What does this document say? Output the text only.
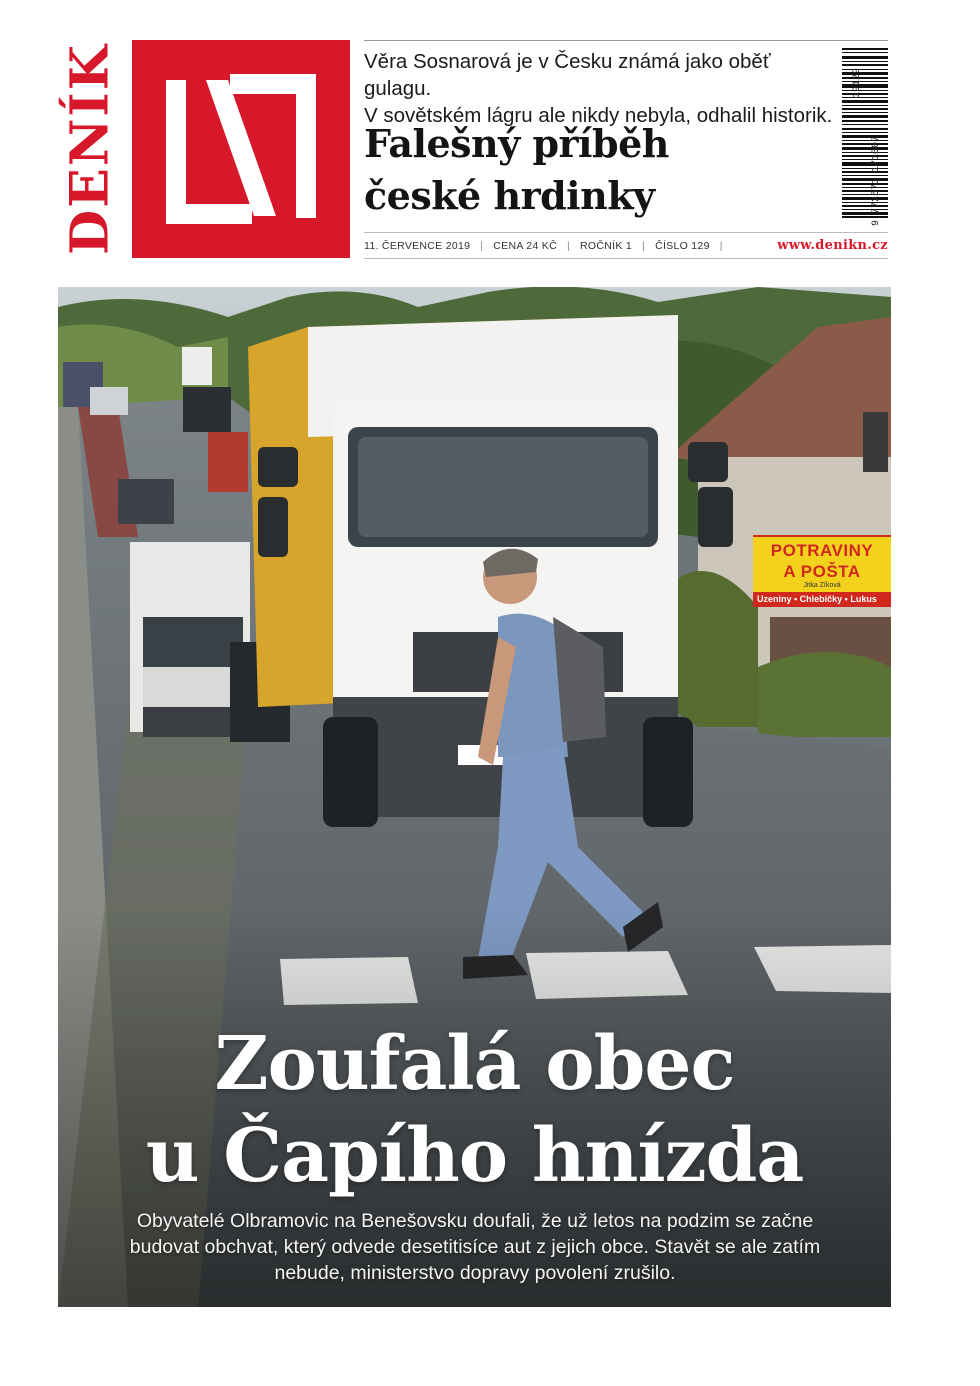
DENÍK	Věra Sosnarová je v Česku známá jako oběť gulagu.
V sovětském lágru ale nikdy nebyla, odhalil historik.
Falešný příběh
české hrdinky
19129
9 772571 171007
11. ČERVENCE 2019 | CENA 24 KČ | ROČNÍK 1 | ČÍSLO 129 |	www.denikn.cz
POTRAVINY
A POŠTA
Jitka Zíková
Uzeniny • Chlebíčky • Lukus
Zoufalá obec
u Čapího hnízda
Obyvatelé Olbramovic na Benešovsku doufali, že už letos na podzim se začne budovat obchvat, který odvede desetitisíce aut z jejich obce. Stavět se ale zatím nebude, ministerstvo dopravy povolení zrušilo.
